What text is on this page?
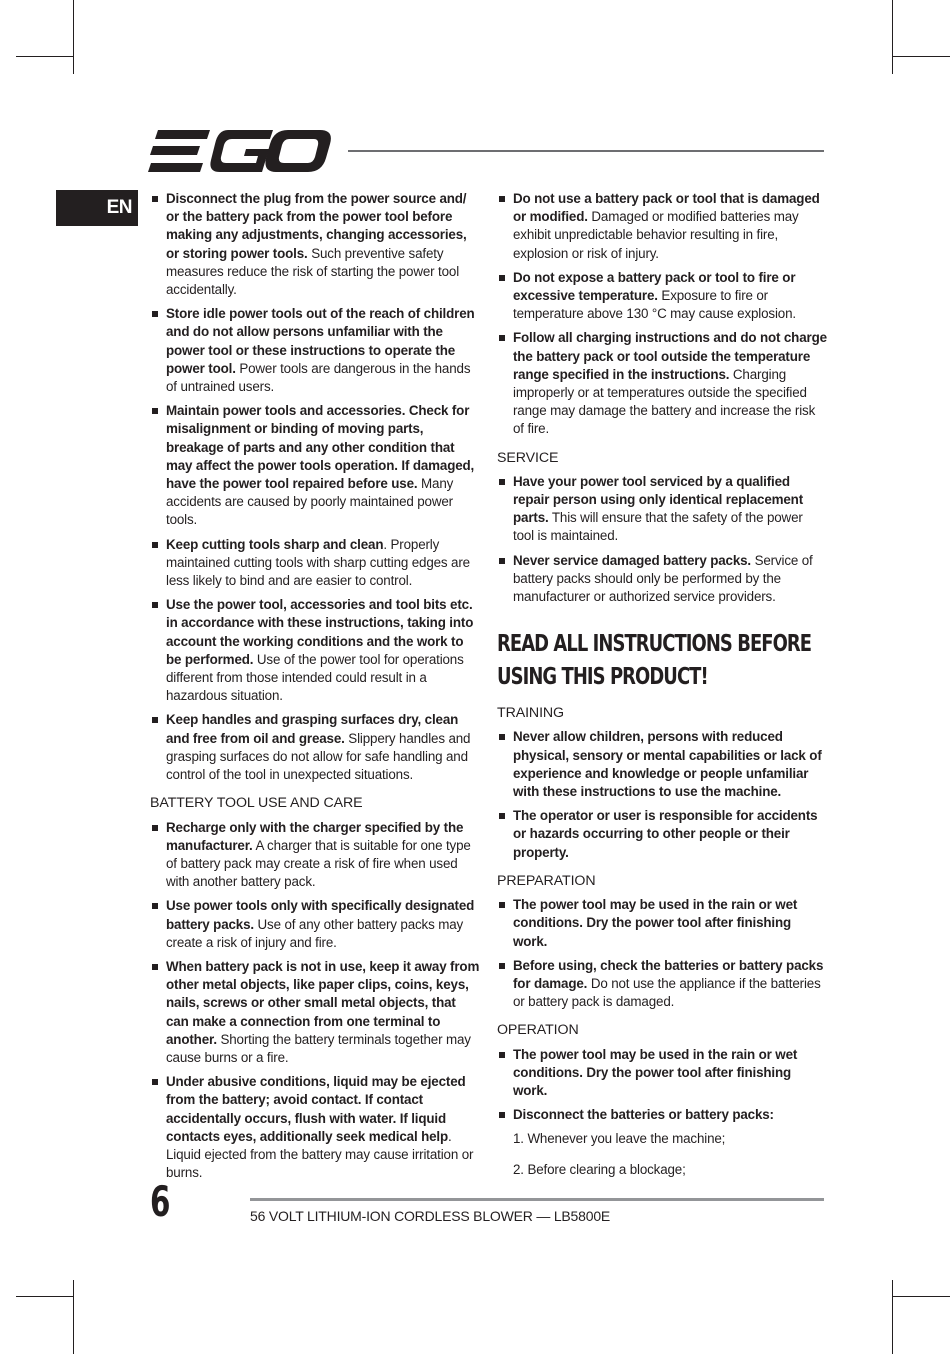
EN	Disconnect the plug from the power source and/ or the battery pack from the power tool before making any adjustments, changing accessories, or storing power tools. Such preventive safety measures reduce the risk of starting the power tool accidentally.
Store idle power tools out of the reach of children and do not allow persons unfamiliar with the power tool or these instructions to operate the power tool. Power tools are dangerous in the hands of untrained users.
Maintain power tools and accessories. Check for misalignment or binding of moving parts, breakage of parts and any other condition that may affect the power tools operation. If damaged, have the power tool repaired before use. Many accidents are caused by poorly maintained power tools.
Keep cutting tools sharp and clean. Properly maintained cutting tools with sharp cutting edges are less likely to bind and are easier to control.
Use the power tool, accessories and tool bits etc. in accordance with these instructions, taking into account the working conditions and the work to be performed. Use of the power tool for operations different from those intended could result in a hazardous situation.
Keep handles and grasping surfaces dry, clean and free from oil and grease. Slippery handles and grasping surfaces do not allow for safe handling and control of the tool in unexpected situations.
BATTERY TOOL USE AND CARE
Recharge only with the charger specified by the manufacturer. A charger that is suitable for one type of battery pack may create a risk of fire when used with another battery pack.
Use power tools only with specifically designated battery packs. Use of any other battery packs may create a risk of injury and fire.
When battery pack is not in use, keep it away from other metal objects, like paper clips, coins, keys, nails, screws or other small metal objects, that can make a connection from one terminal to another. Shorting the battery terminals together may cause burns or a fire.
Under abusive conditions, liquid may be ejected from the battery; avoid contact. If contact accidentally occurs, flush with water. If liquid contacts eyes, additionally seek medical help. Liquid ejected from the battery may cause irritation or burns.
Do not use a battery pack or tool that is damaged or modified. Damaged or modified batteries may exhibit unpredictable behavior resulting in fire, explosion or risk of injury.
Do not expose a battery pack or tool to fire or excessive temperature. Exposure to fire or temperature above 130 °C may cause explosion.
Follow all charging instructions and do not charge the battery pack or tool outside the temperature range specified in the instructions. Charging improperly or at temperatures outside the specified range may damage the battery and increase the risk of fire.
SERVICE
Have your power tool serviced by a qualified repair person using only identical replacement parts. This will ensure that the safety of the power tool is maintained.
Never service damaged battery packs. Service of battery packs should only be performed by the manufacturer or authorized service providers.
READ ALL INSTRUCTIONS BEFORE USING THIS PRODUCT!
TRAINING
Never allow children, persons with reduced physical, sensory or mental capabilities or lack of experience and knowledge or people unfamiliar with these instructions to use the machine.
The operator or user is responsible for accidents or hazards occurring to other people or their property.
PREPARATION
The power tool may be used in the rain or wet conditions. Dry the power tool after finishing work.
Before using, check the batteries or battery packs for damage. Do not use the appliance if the batteries or battery pack is damaged.
OPERATION
The power tool may be used in the rain or wet conditions. Dry the power tool after finishing work.
Disconnect the batteries or battery packs:
1. Whenever you leave the machine;
2. Before clearing a blockage;
6	56 VOLT LITHIUM-ION CORDLESS BLOWER — LB5800E
